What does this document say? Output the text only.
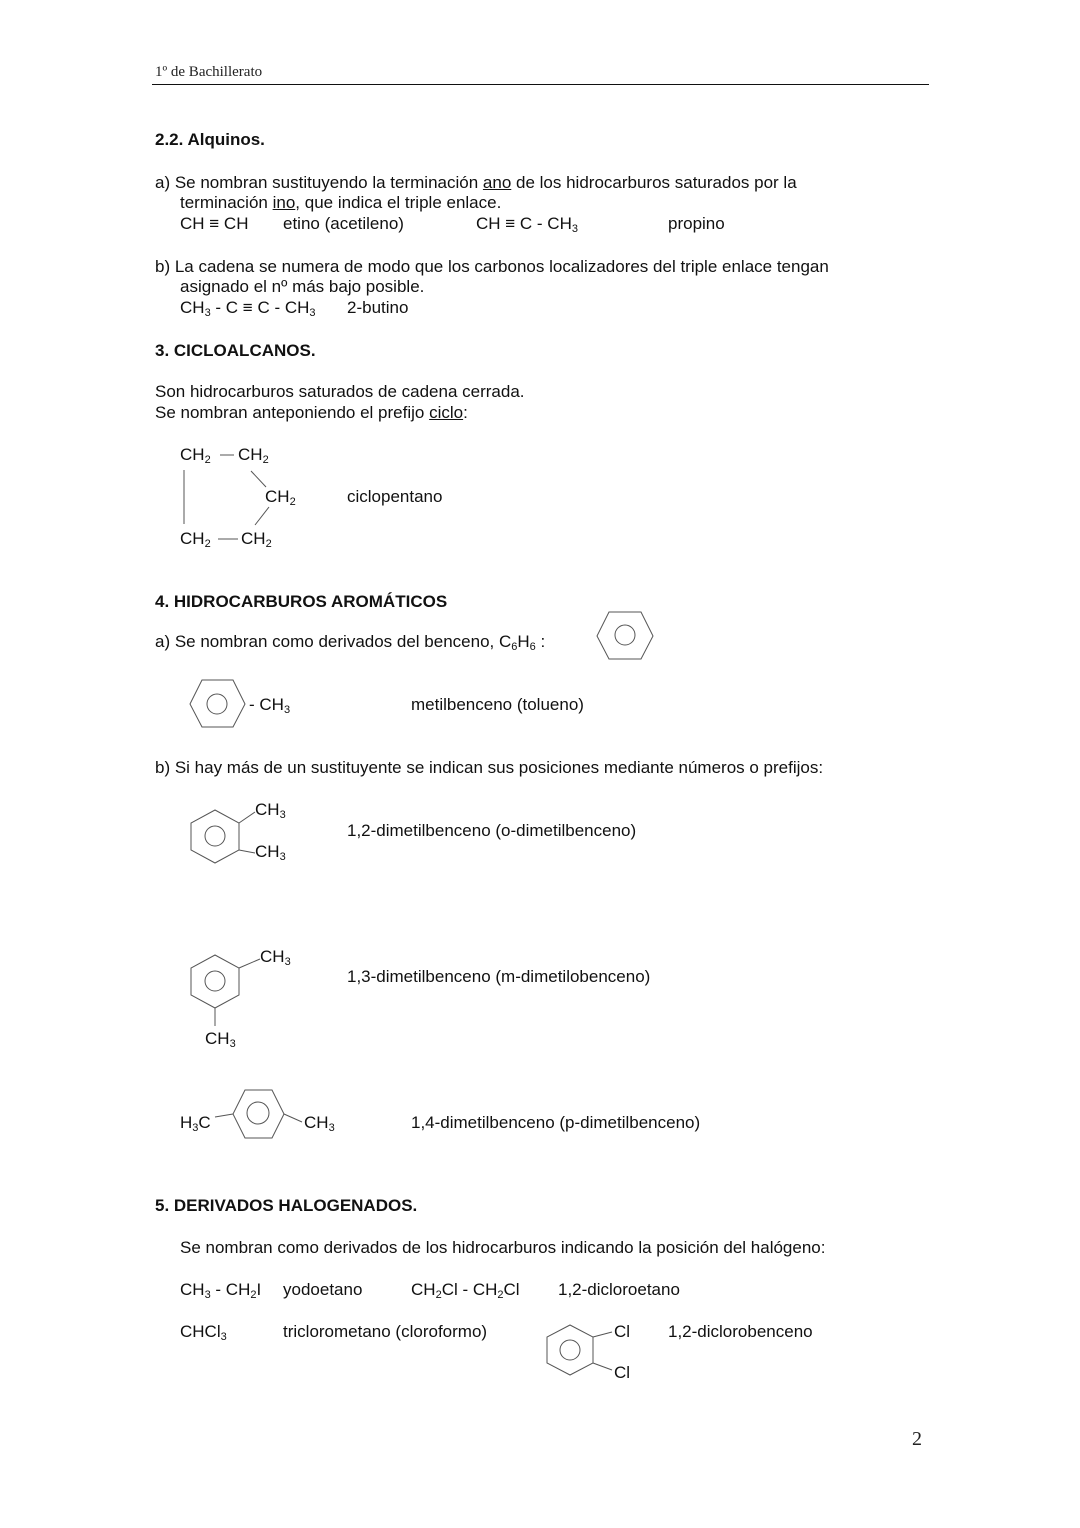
1º de Bachillerato
2.2. Alquinos.
a) Se nombran sustituyendo la terminación ano de los hidrocarburos saturados por la
terminación ino, que indica el triple enlace.
CH ≡ CH etino (acetileno)	CH ≡ C - $CH_3$	propino
b) La cadena se numera de modo que los carbonos localizadores del triple enlace tengan
asignado el nº más bajo posible.
$CH_3 - C \equiv C - CH_3$ 2-butino
3. CICLOALCANOS.
Son hidrocarburos saturados de cadena cerrada.
Se nombran anteponiendo el prefijo ciclo:
$CH_2$ $CH_2$
$CH_2$
$CH_2$ $CH_2$
ciclopentano
4. HIDROCARBUROS AROMÁTICOS
a) Se nombran como derivados del benceno, $C_6H_6$ :
- $CH_3$	metilbenceno (tolueno)
b) Si hay más de un sustituyente se indican sus posiciones mediante números o prefijos:
$CH_3$
$CH_3$
1,2-dimetilbenceno (o-dimetilbenceno)
$CH_3$
$CH_3$
1,3-dimetilbenceno (m-dimetilobenceno)
$H_3C$	$CH_3$	1,4-dimetilbenceno (p-dimetilbenceno)
5. DERIVADOS HALOGENADOS.
Se nombran como derivados de los hidrocarburos indicando la posición del halógeno:
$CH_3 - CH_2I$ yodoetano	$CH_2Cl - CH_2Cl$ 1,2-dicloroetano
CHCl$_3$	triclorometano (cloroformo)	Cl
Cl
1,2-diclorobenceno
2
